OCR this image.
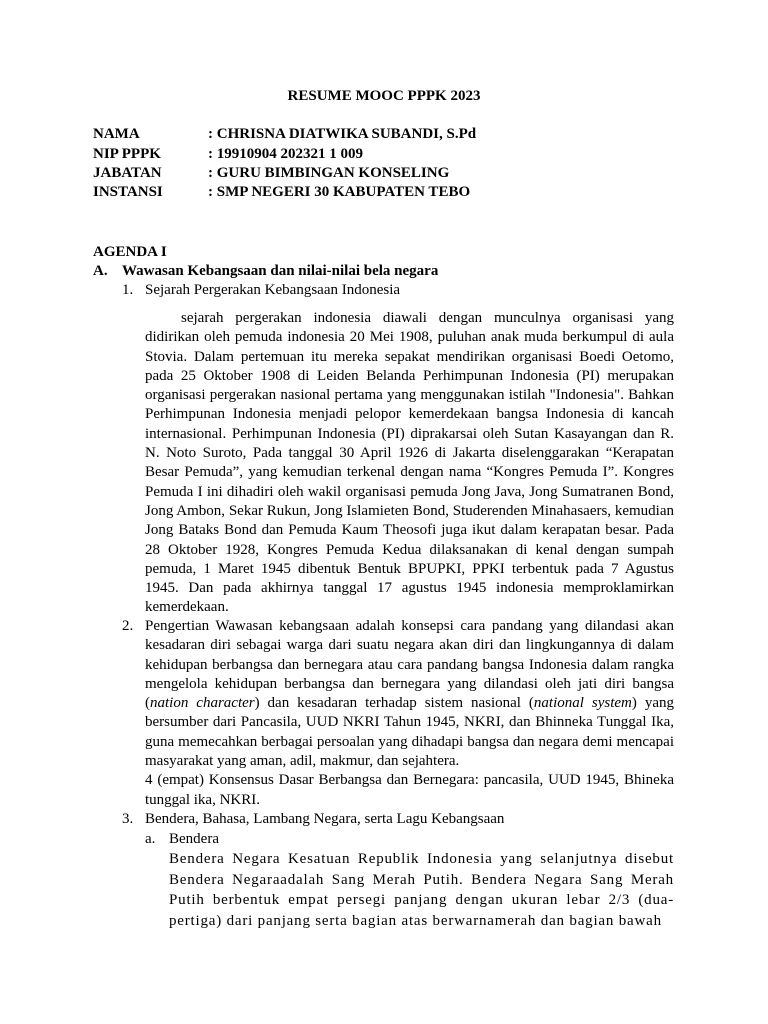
RESUME MOOC PPPK 2023
NAMA	: CHRISNA DIATWIKA SUBANDI, S.Pd
NIP PPPK	: 19910904 202321 1 009
JABATAN	: GURU BIMBINGAN KONSELING
INSTANSI	: SMP NEGERI 30 KABUPATEN TEBO
AGENDA I
A. Wawasan Kebangsaan dan nilai-nilai bela negara
1. Sejarah Pergerakan Kebangsaan Indonesia

sejarah pergerakan indonesia diawali dengan munculnya organisasi yang didirikan oleh pemuda indonesia 20 Mei 1908, puluhan anak muda berkumpul di aula Stovia. Dalam pertemuan itu mereka sepakat mendirikan organisasi Boedi Oetomo, pada 25 Oktober 1908 di Leiden Belanda Perhimpunan Indonesia (PI) merupakan organisasi pergerakan nasional pertama yang menggunakan istilah "Indonesia". Bahkan Perhimpunan Indonesia menjadi pelopor kemerdekaan bangsa Indonesia di kancah internasional. Perhimpunan Indonesia (PI) diprakarsai oleh Sutan Kasayangan dan R. N. Noto Suroto, Pada tanggal 30 April 1926 di Jakarta diselenggarakan “Kerapatan Besar Pemuda”, yang kemudian terkenal dengan nama “Kongres Pemuda I”. Kongres Pemuda I ini dihadiri oleh wakil organisasi pemuda Jong Java, Jong Sumatranen Bond, Jong Ambon, Sekar Rukun, Jong Islamieten Bond, Studerenden Minahasaers, kemudian Jong Bataks Bond dan Pemuda Kaum Theosofi juga ikut dalam kerapatan besar. Pada 28 Oktober 1928, Kongres Pemuda Kedua dilaksanakan di kenal dengan sumpah pemuda, 1 Maret 1945 dibentuk Bentuk BPUPKI, PPKI terbentuk pada 7 Agustus 1945. Dan pada akhirnya tanggal 17 agustus 1945 indonesia memproklamirkan kemerdekaan.

2. Pengertian Wawasan kebangsaan adalah konsepsi cara pandang yang dilandasi akan kesadaran diri sebagai warga dari suatu negara akan diri dan lingkungannya di dalam kehidupan berbangsa dan bernegara atau cara pandang bangsa Indonesia dalam rangka mengelola kehidupan berbangsa dan bernegara yang dilandasi oleh jati diri bangsa (nation character) dan kesadaran terhadap sistem nasional (national system) yang bersumber dari Pancasila, UUD NKRI Tahun 1945, NKRI, dan Bhinneka Tunggal Ika, guna memecahkan berbagai persoalan yang dihadapi bangsa dan negara demi mencapai masyarakat yang aman, adil, makmur, dan sejahtera.

4 (empat) Konsensus Dasar Berbangsa dan Bernegara: pancasila, UUD 1945, Bhineka tunggal ika, NKRI.

3. Bendera, Bahasa, Lambang Negara, serta Lagu Kebangsaan
a. Bendera
Bendera Negara Kesatuan Republik Indonesia yang selanjutnya disebut Bendera Negaraadalah Sang Merah Putih. Bendera Negara Sang Merah Putih berbentuk empat persegi panjang dengan ukuran lebar 2/3 (dua-pertiga) dari panjang serta bagian atas berwarnamerah dan bagian bawah
